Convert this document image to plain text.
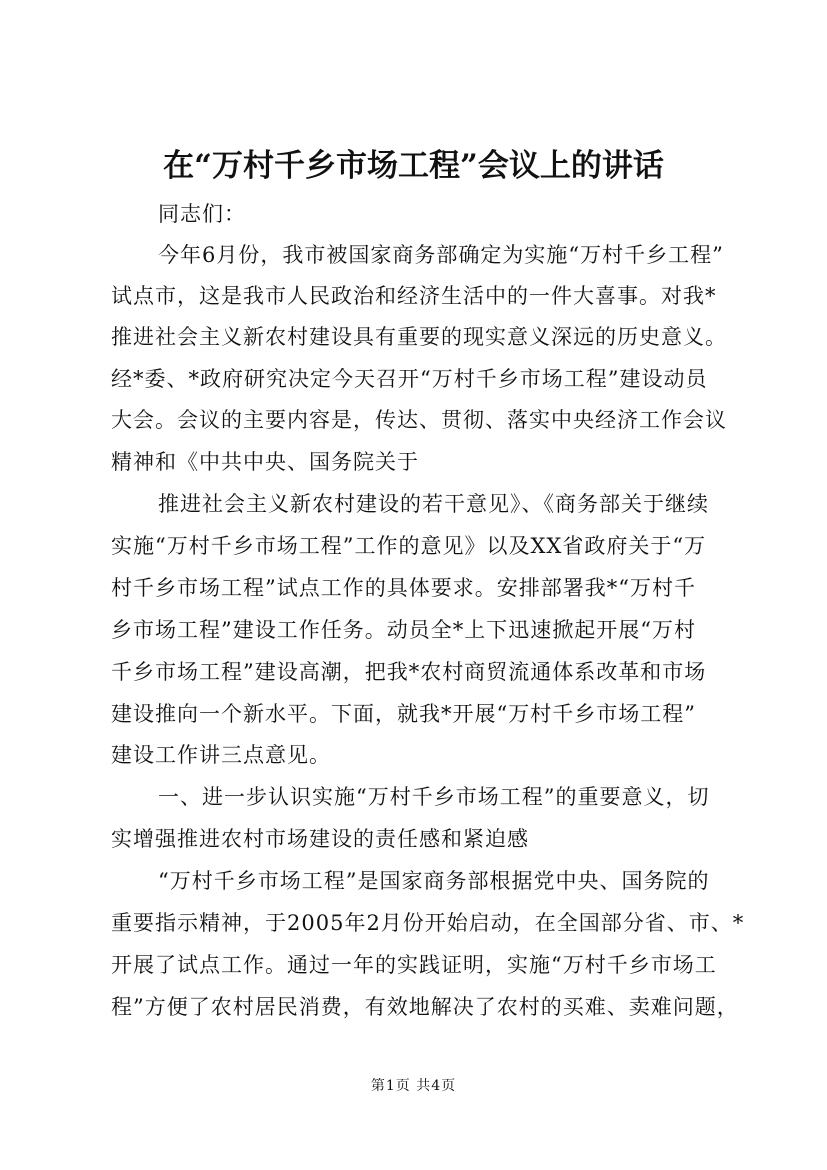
在“万村千乡市场工程”会议上的讲话
同志们：
今年6月份，我市被国家商务部确定为实施“万村千乡工程”
试点市，这是我市人民政治和经济生活中的一件大喜事。对我*
推进社会主义新农村建设具有重要的现实意义深远的历史意义。
经*委、*政府研究决定今天召开“万村千乡市场工程”建设动员
大会。会议的主要内容是，传达、贯彻、落实中央经济工作会议
精神和《中共中央、国务院关于
推进社会主义新农村建设的若干意见》、《商务部关于继续
实施“万村千乡市场工程”工作的意见》以及XX省政府关于“万
村千乡市场工程”试点工作的具体要求。安排部署我*“万村千
乡市场工程”建设工作任务。动员全*上下迅速掀起开展“万村
千乡市场工程”建设高潮，把我*农村商贸流通体系改革和市场
建设推向一个新水平。下面，就我*开展“万村千乡市场工程”
建设工作讲三点意见。
一、进一步认识实施“万村千乡市场工程”的重要意义，切
实增强推进农村市场建设的责任感和紧迫感
“万村千乡市场工程”是国家商务部根据党中央、国务院的
重要指示精神，于2005年2月份开始启动，在全国部分省、市、*
开展了试点工作。通过一年的实践证明，实施“万村千乡市场工
程”方便了农村居民消费，有效地解决了农村的买难、卖难问题，
第1页 共4页
